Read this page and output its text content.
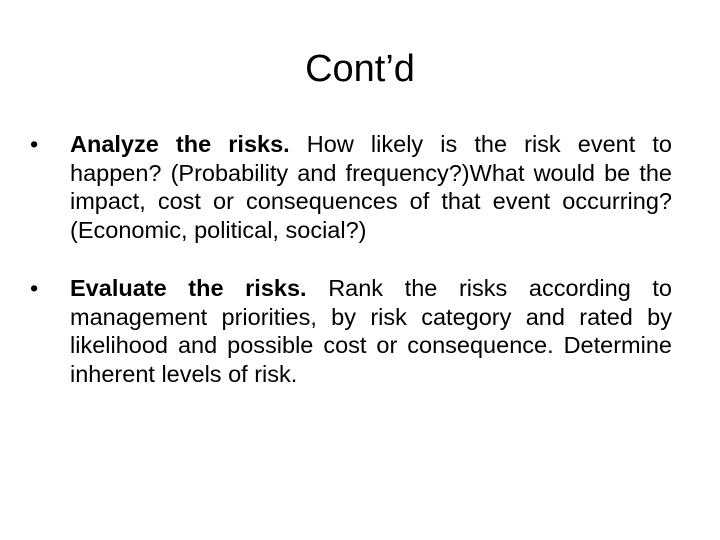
Cont’d
•	Analyze the risks. How likely is the risk event to happen? (Probability and frequency?)What would be the impact, cost or consequences of that event occurring? (Economic, political, social?)
•	Evaluate the risks. Rank the risks according to management priorities, by risk category and rated by likelihood and possible cost or consequence. Determine inherent levels of risk.
